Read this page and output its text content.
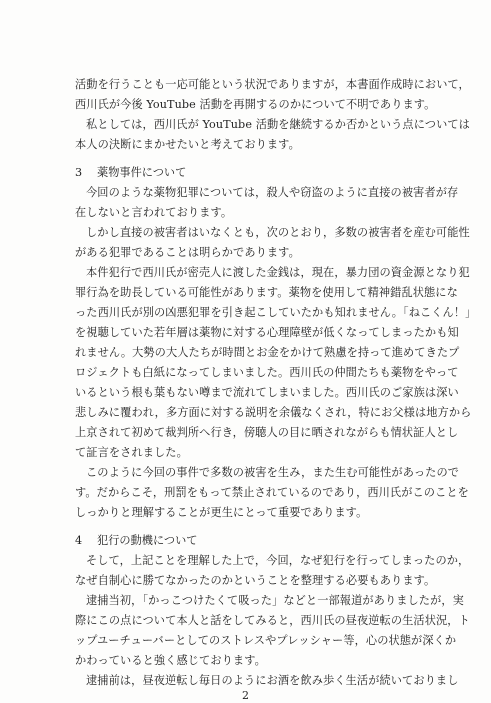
活動を行うことも一応可能という状況でありますが，本書面作成時において，
西川氏が今後 YouTube 活動を再開するのかについて不明であります。
私としては，西川氏が YouTube 活動を継続するか否かという点については
本人の決断にまかせたいと考えております。
3 薬物事件について
今回のような薬物犯罪については，殺人や窃盗のように直接の被害者が存
在しないと言われております。
しかし直接の被害者はいなくとも，次のとおり，多数の被害者を産む可能性
がある犯罪であることは明らかであります。
本件犯行で西川氏が密売人に渡した金銭は，現在，暴力団の資金源となり犯
罪行為を助長している可能性があります。薬物を使用して精神錯乱状態にな
った西川氏が別の凶悪犯罪を引き起こしていたかも知れません。「ねこくん！」
を視聴していた若年層は薬物に対する心理障壁が低くなってしまったかも知
れません。大勢の大人たちが時間とお金をかけて熟慮を持って進めてきたプ
ロジェクトも白紙になってしまいました。西川氏の仲間たちも薬物をやって
いるという根も葉もない噂まで流れてしまいました。西川氏のご家族は深い
悲しみに覆われ，多方面に対する説明を余儀なくされ，特にお父様は地方から
上京されて初めて裁判所へ行き，傍聴人の目に晒されながらも情状証人とし
て証言をされました。
このように今回の事件で多数の被害を生み，また生む可能性があったので
す。だからこそ，刑罰をもって禁止されているのであり，西川氏がこのことを
しっかりと理解することが更生にとって重要であります。
4 犯行の動機について
そして，上記ことを理解した上で，今回，なぜ犯行を行ってしまったのか，
なぜ自制心に勝てなかったのかということを整理する必要もあります。
逮捕当初，「かっこつけたくて吸った」などと一部報道がありましたが，実
際にこの点について本人と話をしてみると，西川氏の昼夜逆転の生活状況，ト
ップユーチューバーとしてのストレスやプレッシャー等，心の状態が深くか
かわっていると強く感じております。
逮捕前は，昼夜逆転し毎日のようにお酒を飲み歩く生活が続いておりまし
2
